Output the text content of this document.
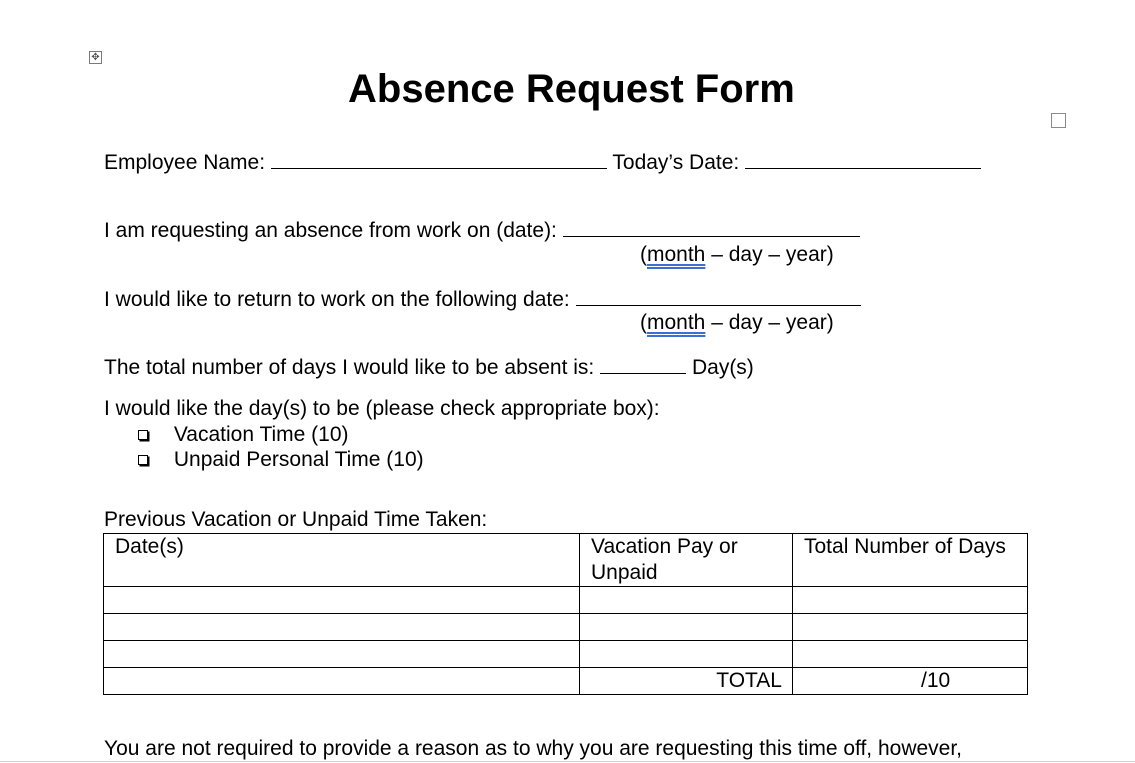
✥
Absence Request Form
Employee Name:	Today’s Date:
I am requesting an absence from work on (date):
(month – day – year)
I would like to return to work on the following date:
(month – day – year)
The total number of days I would like to be absent is:	Day(s)
I would like the day(s) to be (please check appropriate box):
Vacation Time (10)
Unpaid Personal Time (10)
Previous Vacation or Unpaid Time Taken:
Date(s)	Vacation Pay or Unpaid	Total Number of Days

	TOTAL	/10
You are not required to provide a reason as to why you are requesting this time off, however,
